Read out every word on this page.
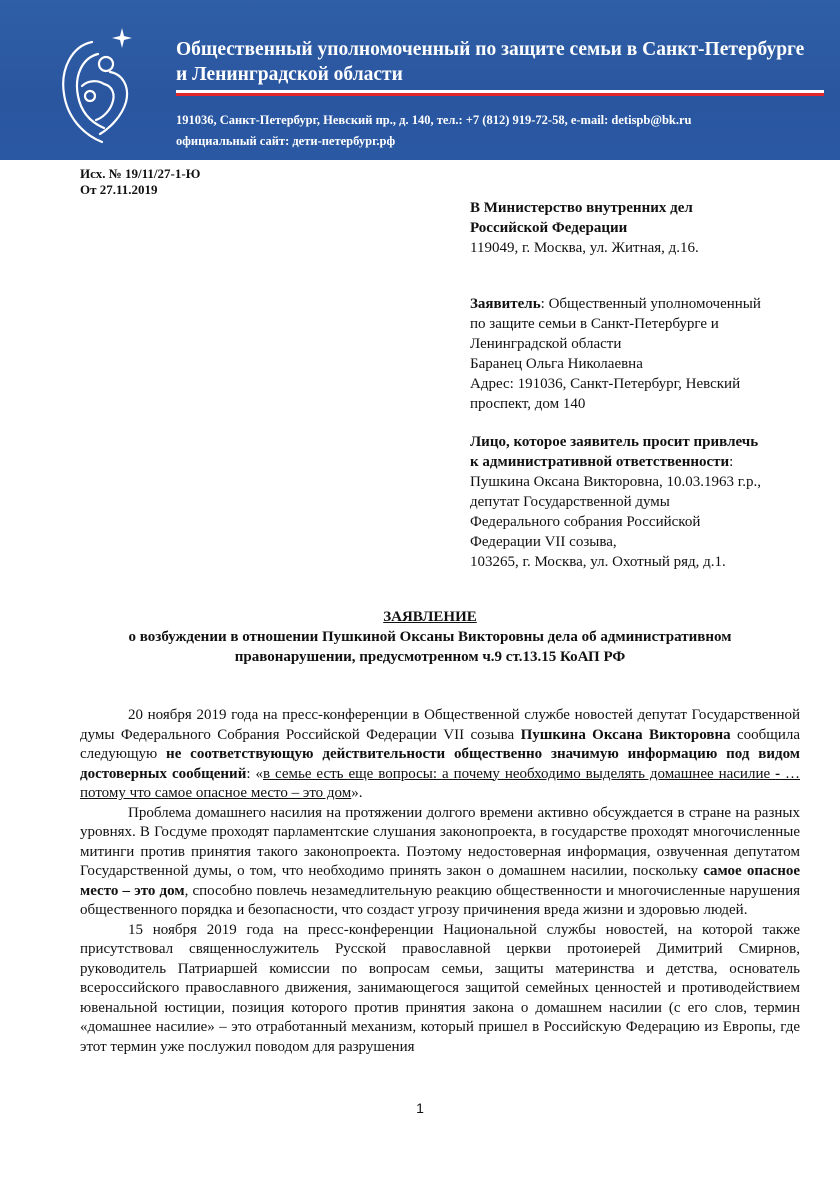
Общественный уполномоченный по защите семьи в Санкт-Петербурге
и Ленинградской области
191036, Санкт-Петербург, Невский пр., д. 140, тел.: +7 (812) 919-72-58, e-mail: detispb@bk.ru
официальный сайт: дети-петербург.рф
Исх. № 19/11/27-1-Ю
От 27.11.2019
В Министерство внутренних дел
Российской Федерации
119049, г. Москва, ул. Житная, д.16.
Заявитель: Общественный уполномоченный
по защите семьи в Санкт-Петербурге и
Ленинградской области
Баранец Ольга Николаевна
Адрес: 191036, Санкт-Петербург, Невский
проспект, дом 140
Лицо, которое заявитель просит привлечь
к административной ответственности:
Пушкина Оксана Викторовна, 10.03.1963 г.р.,
депутат Государственной думы
Федерального собрания Российской
Федерации VII созыва,
103265, г. Москва, ул. Охотный ряд, д.1.
ЗАЯВЛЕНИЕ
о возбуждении в отношении Пушкиной Оксаны Викторовны дела об административном
правонарушении, предусмотренном ч.9 ст.13.15 КоАП РФ

20 ноября 2019 года на пресс-конференции в Общественной службе новостей депутат Государственной думы Федерального Собрания Российской Федерации VII созыва Пушкина Оксана Викторовна сообщила следующую не соответствующую действительности общественно значимую информацию под видом достоверных сообщений: «в семье есть еще вопросы: а почему необходимо выделять домашнее насилие - … потому что самое опасное место – это дом».

Проблема домашнего насилия на протяжении долгого времени активно обсуждается в стране на разных уровнях. В Госдуме проходят парламентские слушания законопроекта, в государстве проходят многочисленные митинги против принятия такого законопроекта. Поэтому недостоверная информация, озвученная депутатом Государственной думы, о том, что необходимо принять закон о домашнем насилии, поскольку самое опасное место – это дом, способно повлечь незамедлительную реакцию общественности и многочисленные нарушения общественного порядка и безопасности, что создаст угрозу причинения вреда жизни и здоровью людей.

15 ноября 2019 года на пресс-конференции Национальной службы новостей, на которой также присутствовал священнослужитель Русской православной церкви протоиерей Димитрий Смирнов, руководитель Патриаршей комиссии по вопросам семьи, защиты материнства и детства, основатель всероссийского православного движения, занимающегося защитой семейных ценностей и противодействием ювенальной юстиции, позиция которого против принятия закона о домашнем насилии (с его слов, термин «домашнее насилие» – это отработанный механизм, который пришел в Российскую Федерацию из Европы, где этот термин уже послужил поводом для разрушения

1
